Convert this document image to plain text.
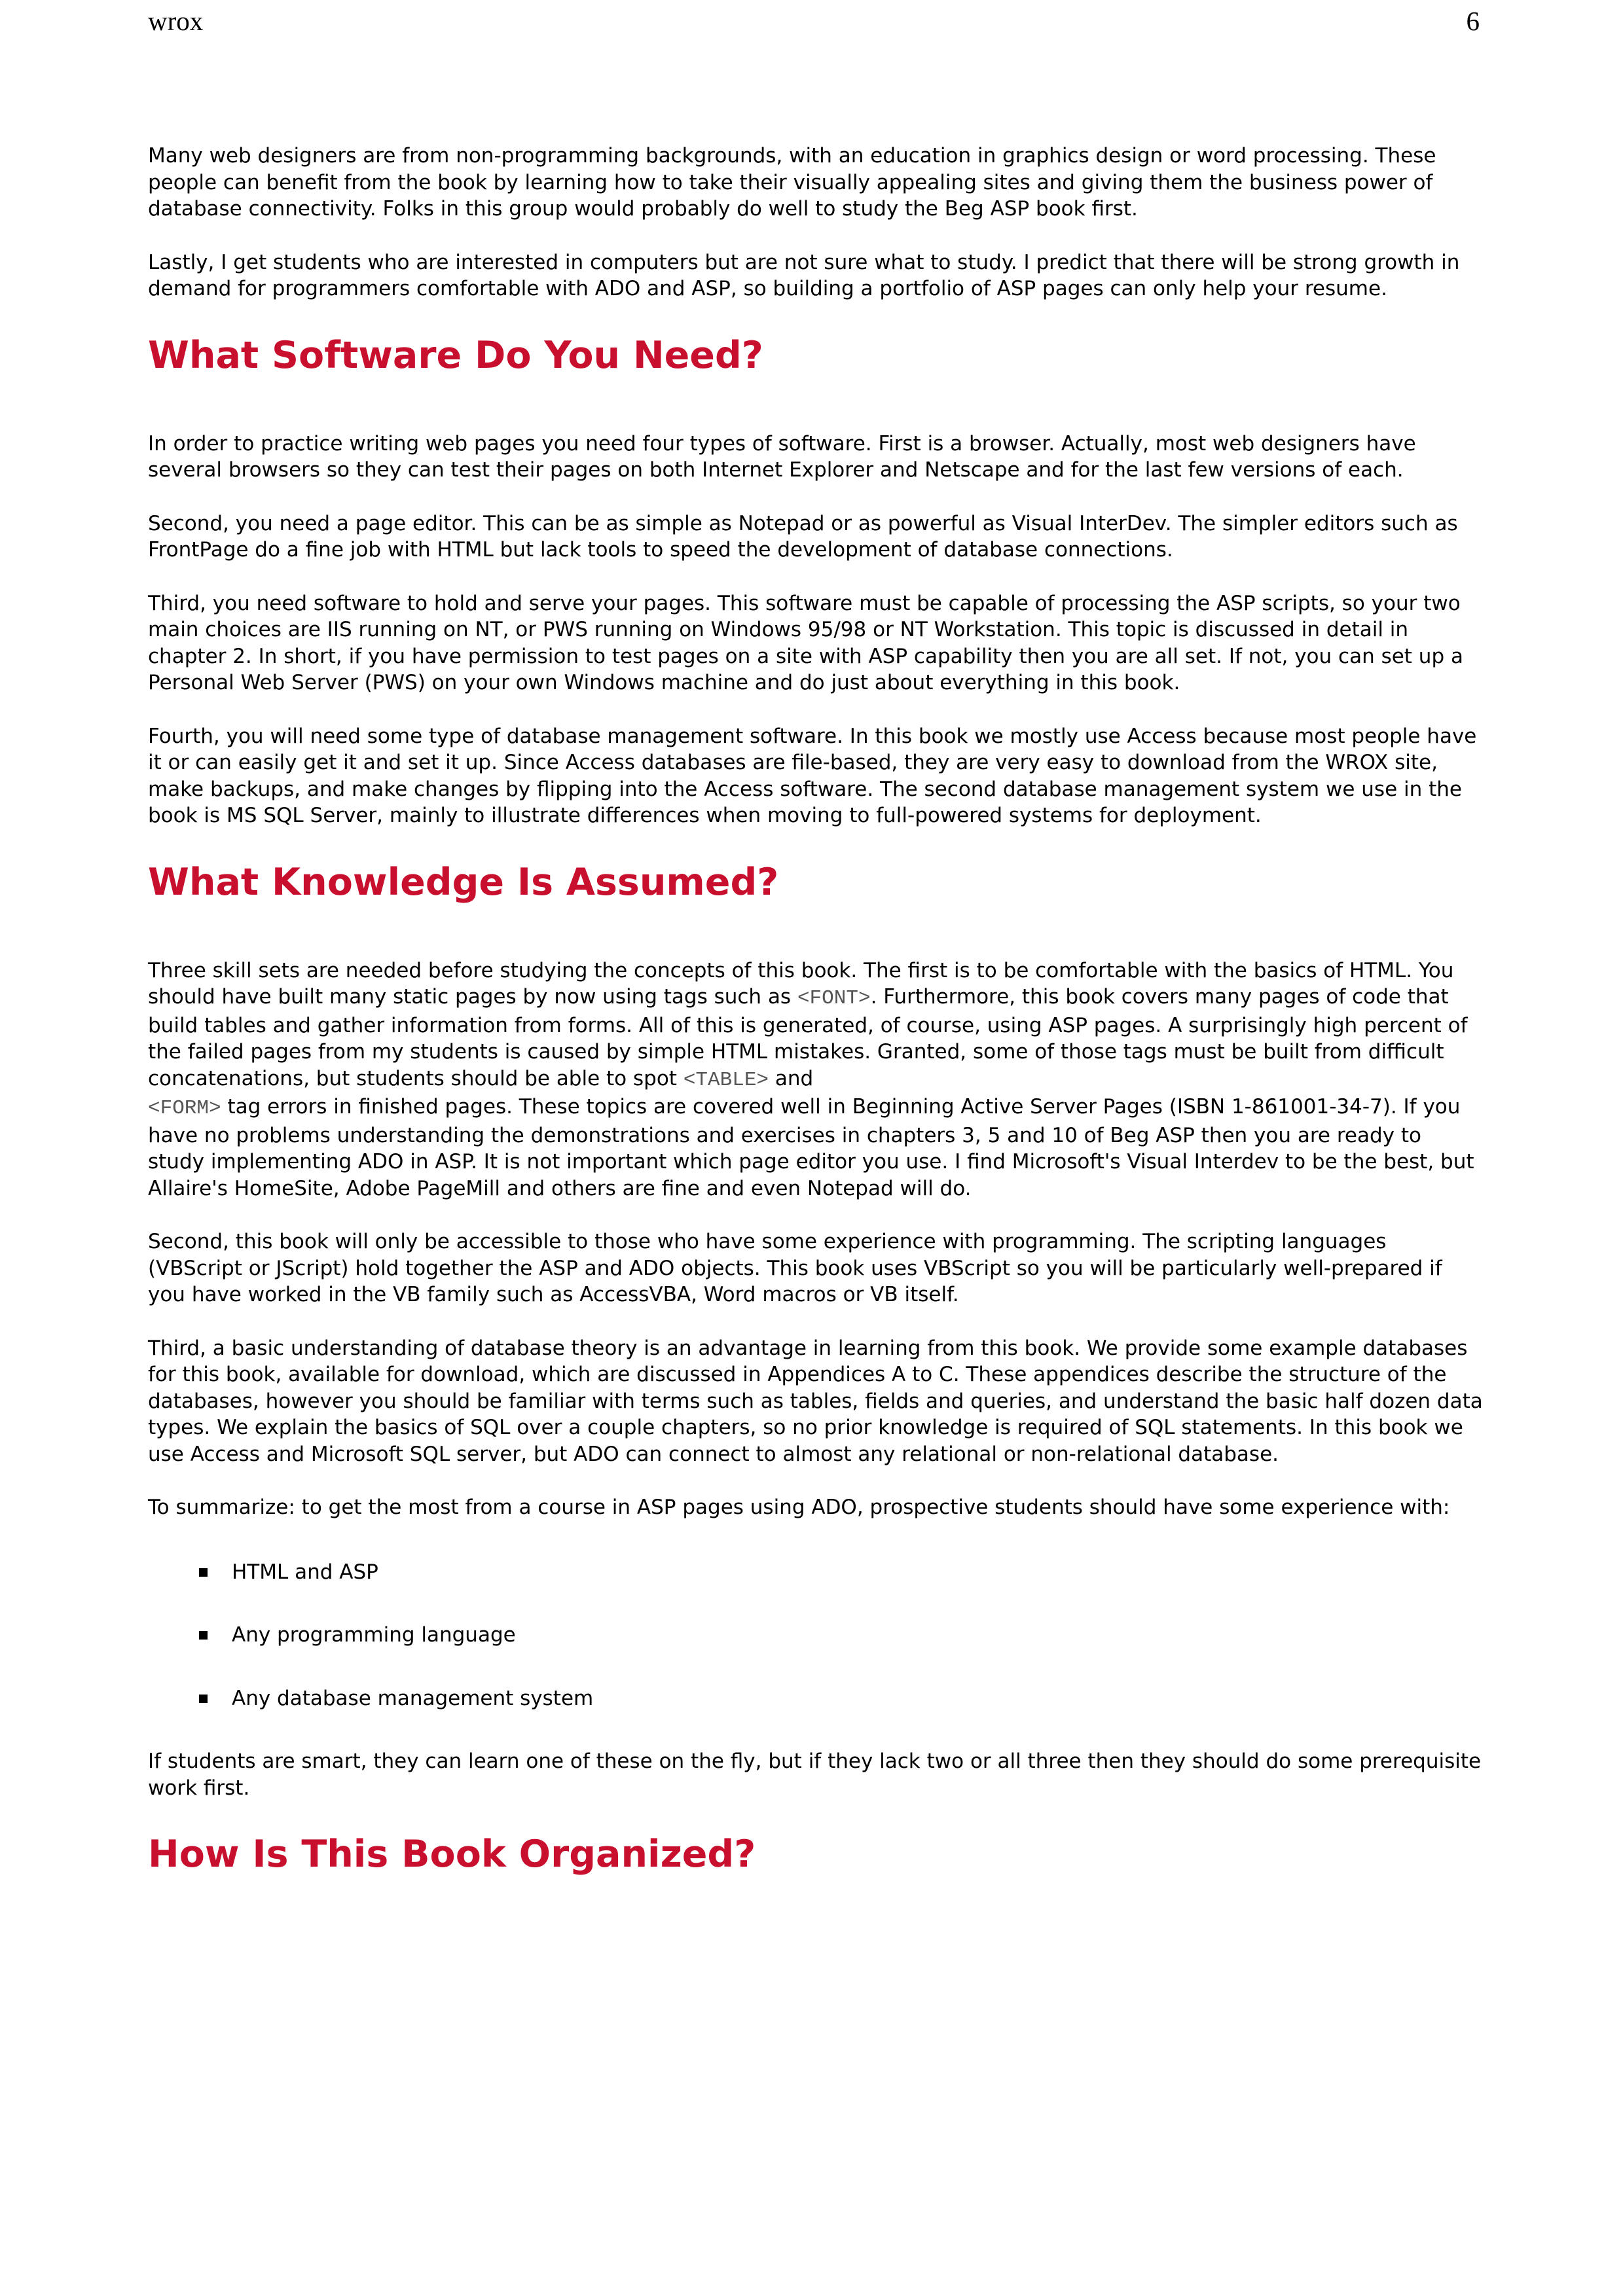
wrox	6

Many web designers are from non-programming backgrounds, with an education in graphics design or word processing. These people can benefit from the book by learning how to take their visually appealing sites and giving them the business power of database connectivity. Folks in this group would probably do well to study the Beg ASP book first.

Lastly, I get students who are interested in computers but are not sure what to study. I predict that there will be strong growth in demand for programmers comfortable with ADO and ASP, so building a portfolio of ASP pages can only help your resume.

What Software Do You Need?

In order to practice writing web pages you need four types of software. First is a browser. Actually, most web designers have several browsers so they can test their pages on both Internet Explorer and Netscape and for the last few versions of each.

Second, you need a page editor. This can be as simple as Notepad or as powerful as Visual InterDev. The simpler editors such as FrontPage do a fine job with HTML but lack tools to speed the development of database connections.

Third, you need software to hold and serve your pages. This software must be capable of processing the ASP scripts, so your two main choices are IIS running on NT, or PWS running on Windows 95/98 or NT Workstation. This topic is discussed in detail in chapter 2. In short, if you have permission to test pages on a site with ASP capability then you are all set. If not, you can set up a Personal Web Server (PWS) on your own Windows machine and do just about everything in this book.

Fourth, you will need some type of database management software. In this book we mostly use Access because most people have it or can easily get it and set it up. Since Access databases are file-based, they are very easy to download from the WROX site, make backups, and make changes by flipping into the Access software. The second database management system we use in the book is MS SQL Server, mainly to illustrate differences when moving to full-powered systems for deployment.

What Knowledge Is Assumed?

Three skill sets are needed before studying the concepts of this book. The first is to be comfortable with the basics of HTML. You should have built many static pages by now using tags such as <FONT>. Furthermore, this book covers many pages of code that build tables and gather information from forms. All of this is generated, of course, using ASP pages. A surprisingly high percent of the failed pages from my students is caused by simple HTML mistakes. Granted, some of those tags must be built from difficult concatenations, but students should be able to spot <TABLE> and
<FORM> tag errors in finished pages. These topics are covered well in Beginning Active Server Pages (ISBN 1-861001-34-7). If you have no problems understanding the demonstrations and exercises in chapters 3, 5 and 10 of Beg ASP then you are ready to study implementing ADO in ASP. It is not important which page editor you use. I find Microsoft's Visual Interdev to be the best, but Allaire's HomeSite, Adobe PageMill and others are fine and even Notepad will do.

Second, this book will only be accessible to those who have some experience with programming. The scripting languages (VBScript or JScript) hold together the ASP and ADO objects. This book uses VBScript so you will be particularly well-prepared if you have worked in the VB family such as AccessVBA, Word macros or VB itself.

Third, a basic understanding of database theory is an advantage in learning from this book. We provide some example databases for this book, available for download, which are discussed in Appendices A to C. These appendices describe the structure of the databases, however you should be familiar with terms such as tables, fields and queries, and understand the basic half dozen data types. We explain the basics of SQL over a couple chapters, so no prior knowledge is required of SQL statements. In this book we use Access and Microsoft SQL server, but ADO can connect to almost any relational or non-relational database.

To summarize: to get the most from a course in ASP pages using ADO, prospective students should have some experience with:

HTML and ASP
Any programming language
Any database management system

If students are smart, they can learn one of these on the fly, but if they lack two or all three then they should do some prerequisite work first.

How Is This Book Organized?
